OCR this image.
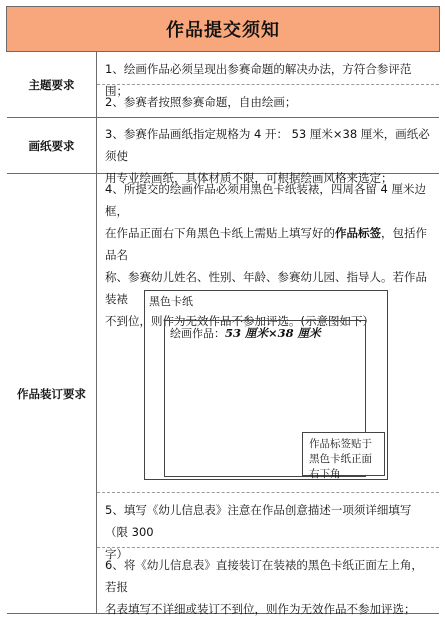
作品提交须知
主题要求
1、绘画作品必须呈现出参赛命题的解决办法，方符合参评范围；
2、参赛者按照参赛命题，自由绘画；
画纸要求
3、参赛作品画纸指定规格为 4 开： 53 厘米×38 厘米，画纸必须使
用专业绘画纸，具体材质不限，可根据绘画风格来选定；
作品装订要求
4、所提交的绘画作品必须用黑色卡纸装裱，四周各留 4 厘米边框，
在作品正面右下角黑色卡纸上需贴上填写好的作品标签，包括作品名
称、参赛幼儿姓名、性别、年龄、参赛幼儿园、指导人。若作品装裱
不到位，则作为无效作品不参加评选。(示意图如下）
5、填写《幼儿信息表》注意在作品创意描述一项须详细填写（限 300
字）
6、将《幼儿信息表》直接装订在装裱的黑色卡纸正面左上角，若报
名表填写不详细或装订不到位，则作为无效作品不参加评选；
黑色卡纸
绘画作品：53 厘米×38 厘米
作品标签贴于黑色卡纸正面右下角
